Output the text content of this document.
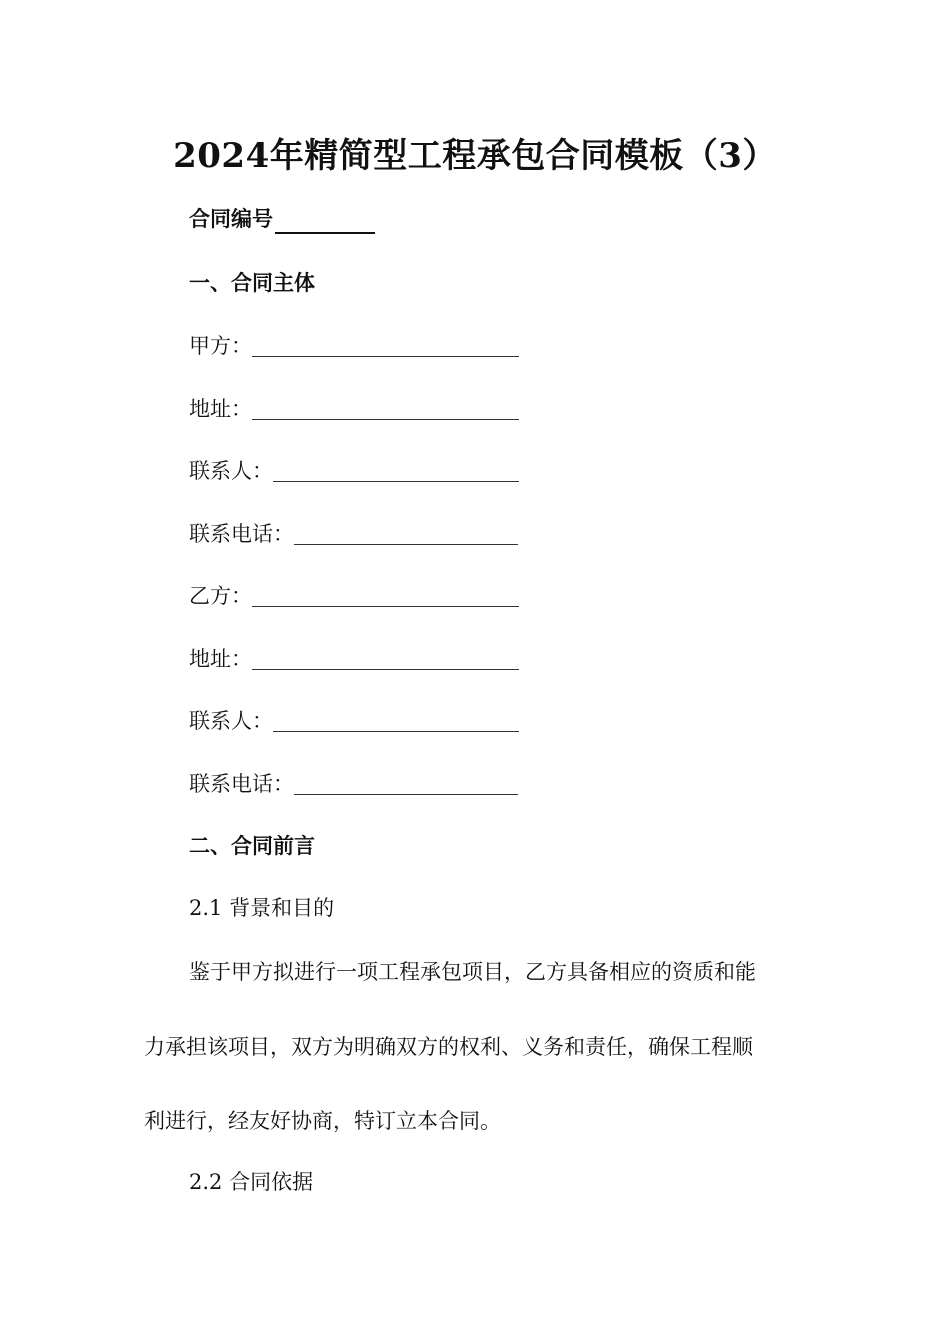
2024年精简型工程承包合同模板（3）
合同编号
一、合同主体
甲方：
地址：
联系人：
联系电话：
乙方：
地址：
联系人：
联系电话：
二、合同前言
2.1 背景和目的
鉴于甲方拟进行一项工程承包项目，乙方具备相应的资质和能
力承担该项目，双方为明确双方的权利、义务和责任，确保工程顺
利进行，经友好协商，特订立本合同。
2.2 合同依据
